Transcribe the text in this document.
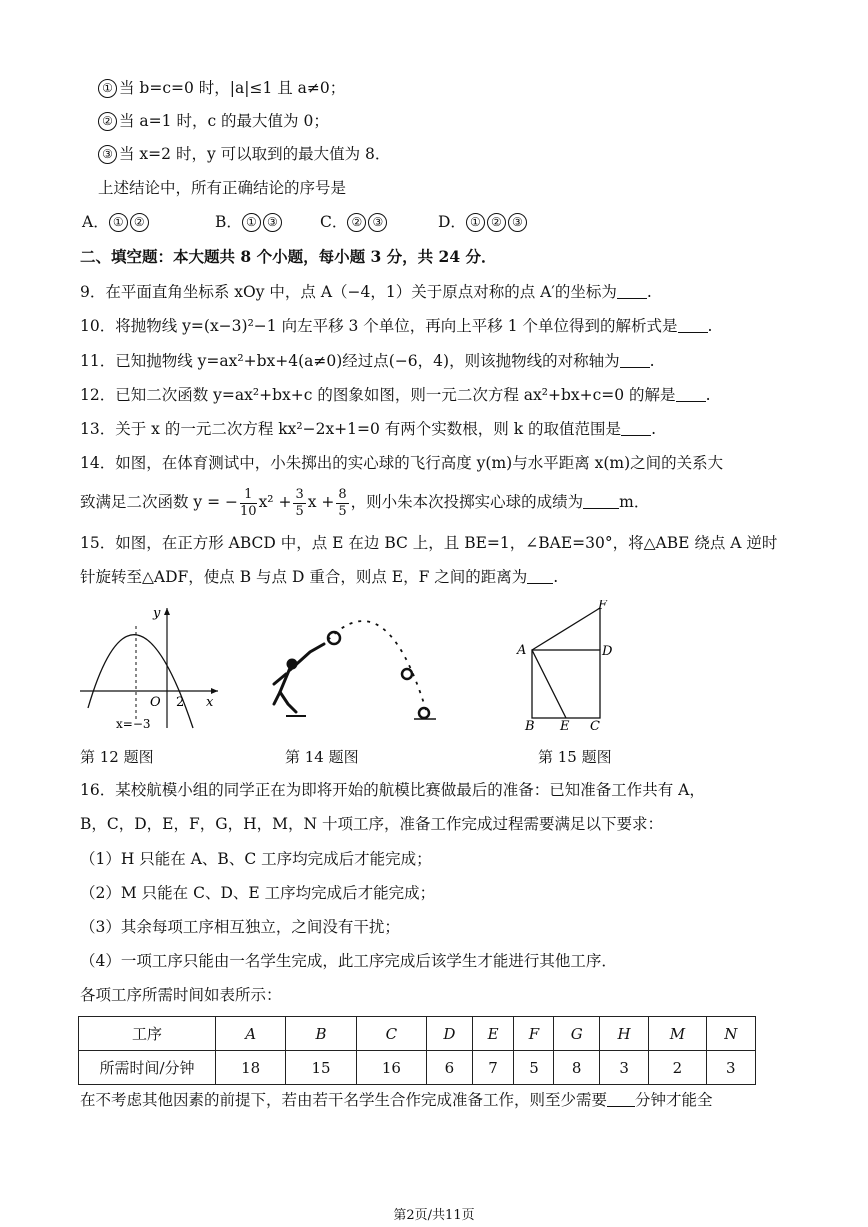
① 当 b=c=0 时，|a|≤1 且 a≠0；
② 当 a=1 时，c 的最大值为 0；
③ 当 x=2 时，y 可以取到的最大值为 8．
上述结论中，所有正确结论的序号是
A． ① ②	B． ① ③	C． ② ③	D． ① ② ③
二、填空题：本大题共 8 个小题，每小题 3 分，共 24 分．
9．在平面直角坐标系 xOy 中，点 A（−4，1）关于原点对称的点 A′的坐标为 .
10．将抛物线 y=(x−3)²−1 向左平移 3 个单位，再向上平移 1 个单位得到的解析式是 .
11．已知抛物线 y=ax²+bx+4(a≠0)经过点(−6，4)，则该抛物线的对称轴为 .
12．已知二次函数 y=ax²+bx+c 的图象如图，则一元二次方程 ax²+bx+c=0 的解是 .
13．关于 x 的一元二次方程 kx²−2x+1=0 有两个实数根，则 k 的取值范围是 .
14．如图，在体育测试中，小朱掷出的实心球的飞行高度 y(m)与水平距离 x(m)之间的关系大
致满足二次函数 y = − $\frac{1}{10} x^2 + \frac{3}{5}$ $x + \frac{8}{5}$ ，则小朱本次投掷实心球的成绩为 m．
15．如图，在正方形 ABCD 中，点 E 在边 BC 上，且 BE=1，∠BAE=30°，将△ABE 绕点 A 逆时
针旋转至△ADF，使点 B 与点 D 重合，则点 E，F 之间的距离为 .
y
O 2 x
x=−3
F
A	D
B E C
第 12 题图	第 14 题图	第 15 题图
16．某校航模小组的同学正在为即将开始的航模比赛做最后的准备：已知准备工作共有 A，
B，C，D，E，F，G，H，M，N 十项工序，准备工作完成过程需要满足以下要求：
（1）H 只能在 A、B、C 工序均完成后才能完成；
（2）M 只能在 C、D、E 工序均完成后才能完成；
（3）其余每项工序相互独立，之间没有干扰；
（4）一项工序只能由一名学生完成，此工序完成后该学生才能进行其他工序．
各项工序所需时间如表所示：
工序	A	B	C	D	E	F	G	H	M	N
所需时间/分钟	18	15	16	6	7	5	8	3	2	3
在不考虑其他因素的前提下，若由若干名学生合作完成准备工作，则至少需要 分钟才能全
第2页/共11页
